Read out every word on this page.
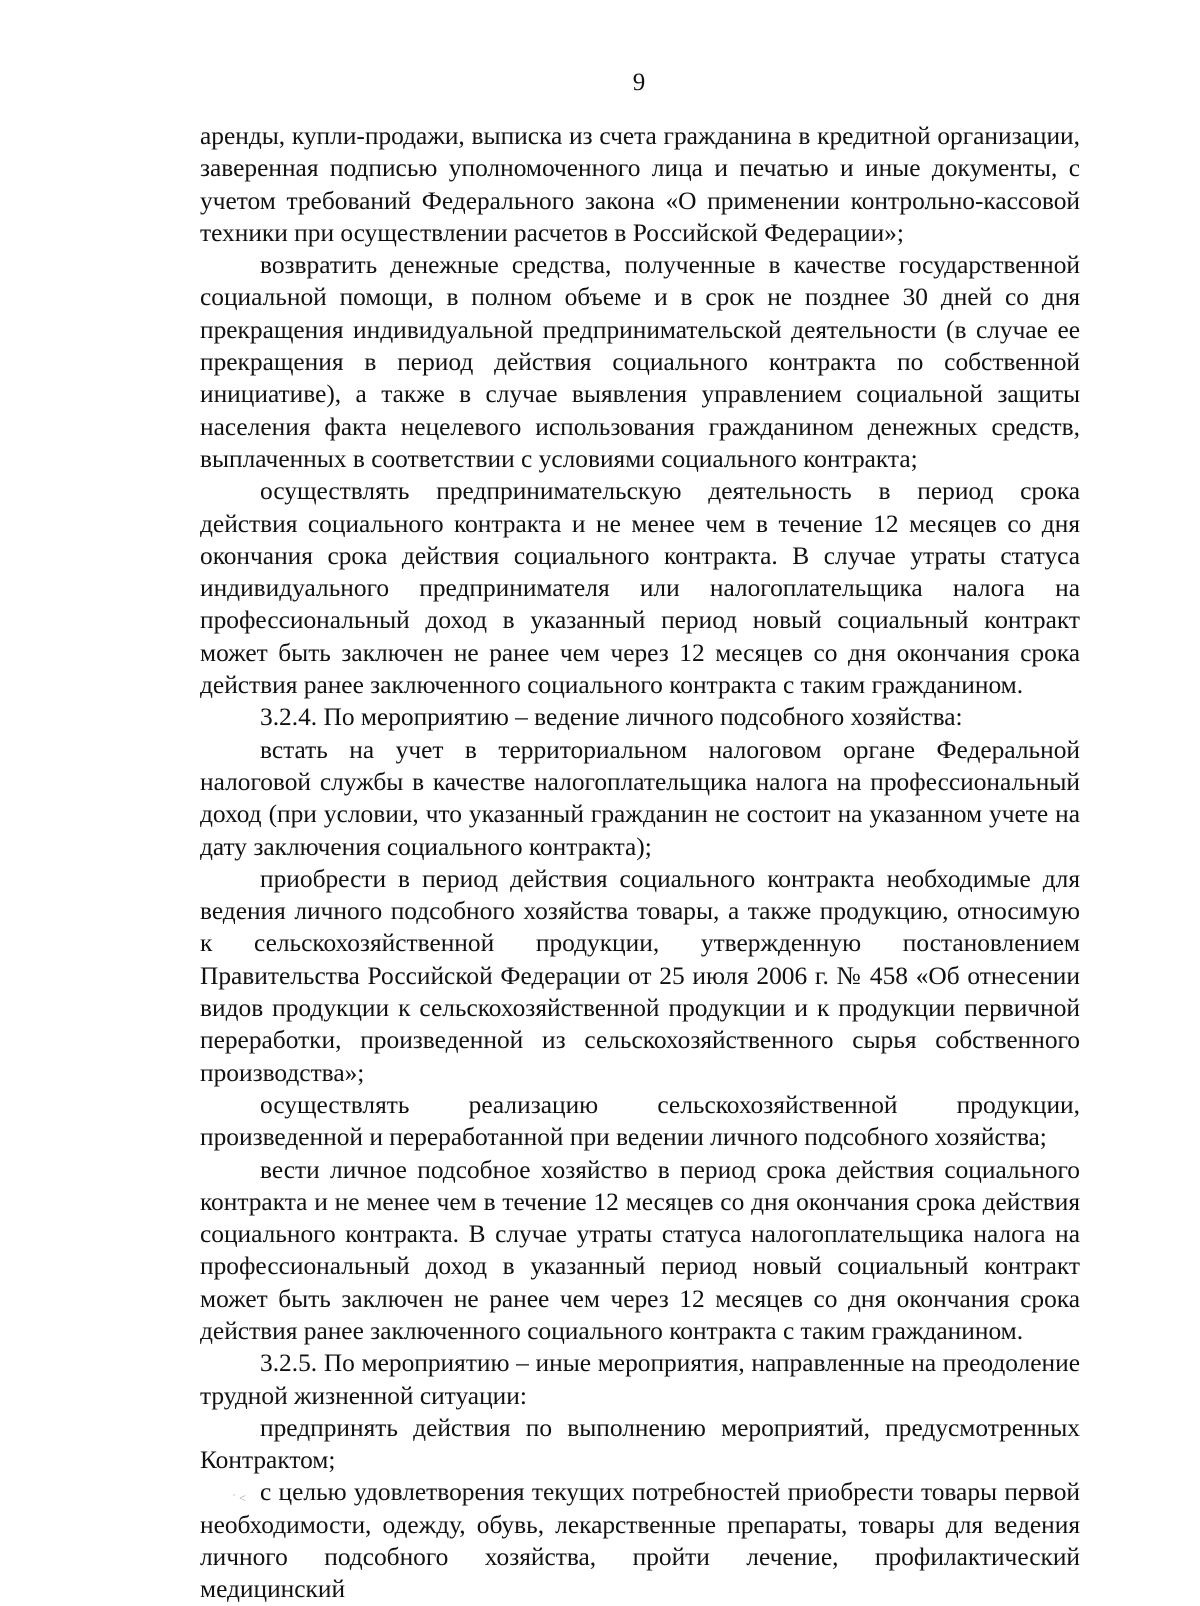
9

аренды, купли-продажи, выписка из счета гражданина в кредитной организации, заверенная подписью уполномоченного лица и печатью и иные документы, с учетом требований Федерального закона «О применении контрольно-кассовой техники при осуществлении расчетов в Российской Федерации»;

возвратить денежные средства, полученные в качестве государственной социальной помощи, в полном объеме и в срок не позднее 30 дней со дня прекращения индивидуальной предпринимательской деятельности (в случае ее прекращения в период действия социального контракта по собственной инициативе), а также в случае выявления управлением социальной защиты населения факта нецелевого использования гражданином денежных средств, выплаченных в соответствии с условиями социального контракта;

осуществлять предпринимательскую деятельность в период срока действия социального контракта и не менее чем в течение 12 месяцев со дня окончания срока действия социального контракта. В случае утраты статуса индивидуального предпринимателя или налогоплательщика налога на профессиональный доход в указанный период новый социальный контракт может быть заключен не ранее чем через 12 месяцев со дня окончания срока действия ранее заключенного социального контракта с таким гражданином.

3.2.4. По мероприятию – ведение личного подсобного хозяйства:

встать на учет в территориальном налоговом органе Федеральной налоговой службы в качестве налогоплательщика налога на профессиональный доход (при условии, что указанный гражданин не состоит на указанном учете на дату заключения социального контракта);

приобрести в период действия социального контракта необходимые для ведения личного подсобного хозяйства товары, а также продукцию, относимую к сельскохозяйственной продукции, утвержденную постановлением Правительства Российской Федерации от 25 июля 2006 г. № 458 «Об отнесении видов продукции к сельскохозяйственной продукции и к продукции первичной переработки, произведенной из сельскохозяйственного сырья собственного производства»;

осуществлять реализацию сельскохозяйственной продукции, произведенной и переработанной при ведении личного подсобного хозяйства;

вести личное подсобное хозяйство в период срока действия социального контракта и не менее чем в течение 12 месяцев со дня окончания срока действия социального контракта. В случае утраты статуса налогоплательщика налога на профессиональный доход в указанный период новый социальный контракт может быть заключен не ранее чем через 12 месяцев со дня окончания срока действия ранее заключенного социального контракта с таким гражданином.

3.2.5. По мероприятию – иные мероприятия, направленные на преодоление трудной жизненной ситуации:

предпринять действия по выполнению мероприятий, предусмотренных Контрактом;

с целью удовлетворения текущих потребностей приобрести товары первой необходимости, одежду, обувь, лекарственные препараты, товары для ведения личного подсобного хозяйства, пройти лечение, профилактический медицинский

˙ ˂
